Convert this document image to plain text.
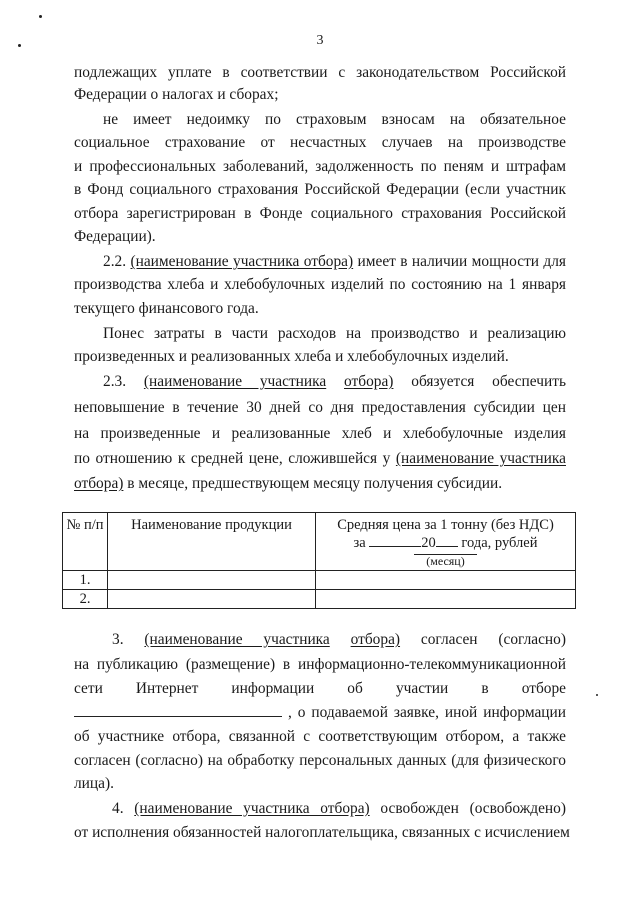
3
подлежащих уплате в соответствии с законодательством Российской
Федерации о налогах и сборах;
не имеет недоимку по страховым взносам на обязательное
социальное страхование от несчастных случаев на производстве
и профессиональных заболеваний, задолженность по пеням и штрафам
в Фонд социального страхования Российской Федерации (если участник
отбора зарегистрирован в Фонде социального страхования Российской
Федерации).
2.2. (наименование участника отбора) имеет в наличии мощности для
производства хлеба и хлебобулочных изделий по состоянию на 1 января
текущего финансового года.
Понес затраты в части расходов на производство и реализацию
произведенных и реализованных хлеба и хлебобулочных изделий.
2.3. (наименование участника отбора) обязуется обеспечить
неповышение в течение 30 дней со дня предоставления субсидии цен
на произведенные и реализованные хлеб и хлебобулочные изделия
по отношению к средней цене, сложившейся у (наименование участника
отбора) в месяце, предшествующем месяцу получения субсидии.
№ п/п	Наименование продукции	Средняя цена за 1 тонну (без НДС)
за 20 года, рублей
(месяц)

1.		
2.		
3. (наименование участника отбора) согласен (согласно)
на публикацию (размещение) в информационно-телекоммуникационной
сети Интернет информации об участии в отборе
, о подаваемой заявке, иной информации
об участнике отбора, связанной с соответствующим отбором, а также
согласен (согласно) на обработку персональных данных (для физического
лица).
4. (наименование участника отбора) освобожден (освобождено)
от исполнения обязанностей налогоплательщика, связанных с исчислением
